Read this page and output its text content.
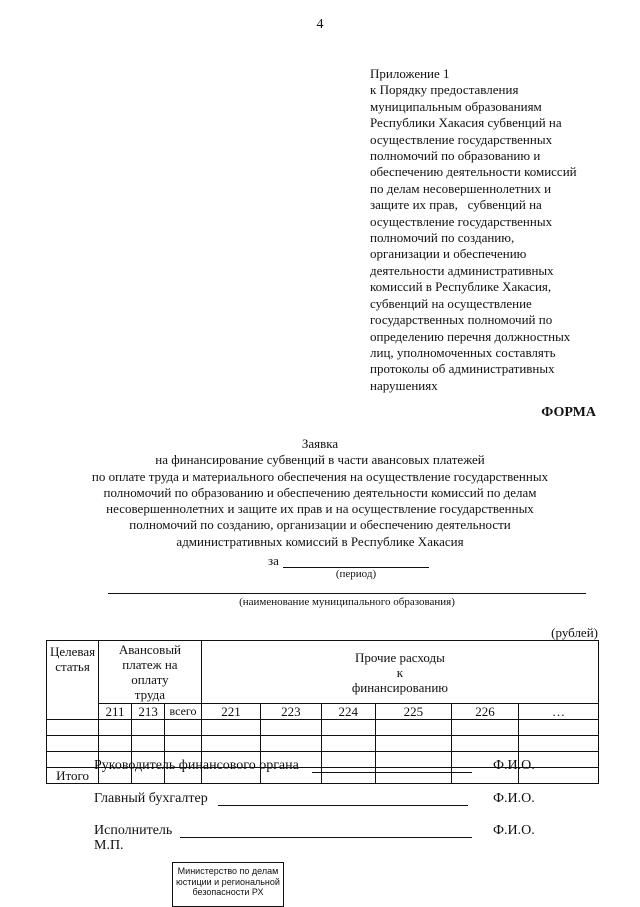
4
Приложение 1
к Порядку предоставления
муниципальным образованиям
Республики Хакасия субвенций на
осуществление государственных
полномочий по образованию и
обеспечению деятельности комиссий
по делам несовершеннолетних и
защите их прав,   субвенций на
осуществление государственных
полномочий по созданию,
организации и обеспечению
деятельности административных
комиссий в Республике Хакасия,
субвенций на осуществление
государственных полномочий по
определению перечня должностных
лиц, уполномоченных составлять
протоколы об административных
нарушениях
ФОРМА
Заявка
на финансирование субвенций в части авансовых платежей
по оплате труда и материального обеспечения на осуществление государственных
полномочий по образованию и обеспечению деятельности комиссий по делам
несовершеннолетних и защите их прав и на осуществление государственных
полномочий по созданию, организации и обеспечению деятельности
административных комиссий в Республике Хакасия
за
(период)
(наименование муниципального образования)
(рублей)
Целевая статья	Авансовый платеж на оплату труда			Прочие расходы к финансированию					
	211	213	всего	221	223	224	225	226	…

Итого									
Руководитель финансового органа	Ф.И.О.
Главный бухгалтер	Ф.И.О.
Исполнитель	Ф.И.О.
М.П.
Министерство по делам
юстиции и региональной
безопасности РХ
